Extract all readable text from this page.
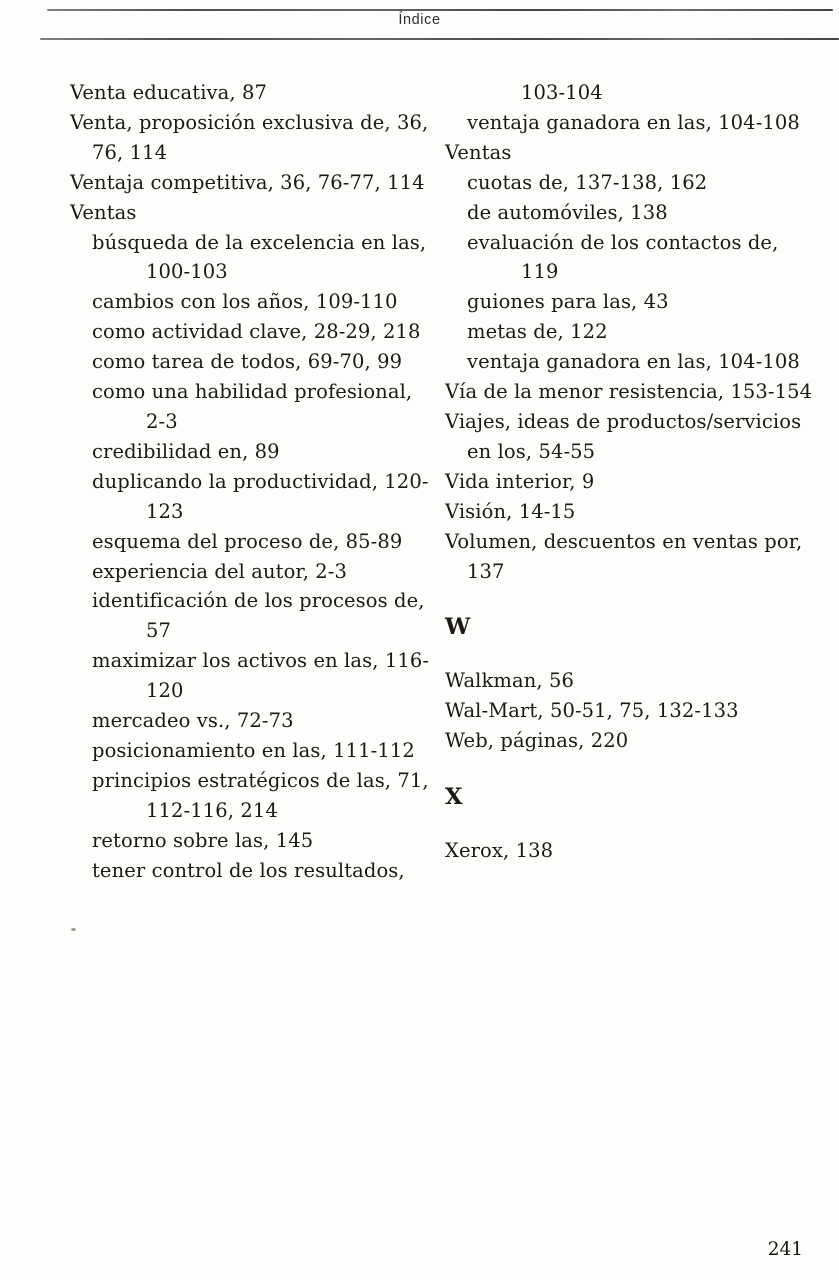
Índice
Venta educativa, 87
Venta, proposición exclusiva de, 36,
76, 114
Ventaja competitiva, 36, 76-77, 114
Ventas
búsqueda de la excelencia en las,
100-103
cambios con los años, 109-110
como actividad clave, 28-29, 218
como tarea de todos, 69-70, 99
como una habilidad profesional,
2-3
credibilidad en, 89
duplicando la productividad, 120-
123
esquema del proceso de, 85-89
experiencia del autor, 2-3
identificación de los procesos de,
57
maximizar los activos en las, 116-
120
mercadeo vs., 72-73
posicionamiento en las, 111-112
principios estratégicos de las, 71,
112-116, 214
retorno sobre las, 145
tener control de los resultados,
103-104
ventaja ganadora en las, 104-108
Ventas
cuotas de, 137-138, 162
de automóviles, 138
evaluación de los contactos de,
119
guiones para las, 43
metas de, 122
ventaja ganadora en las, 104-108
Vía de la menor resistencia, 153-154
Viajes, ideas de productos/servicios
en los, 54-55
Vida interior, 9
Visión, 14-15
Volumen, descuentos en ventas por,
137
W
Walkman, 56
Wal-Mart, 50-51, 75, 132-133
Web, páginas, 220
X
Xerox, 138
241
